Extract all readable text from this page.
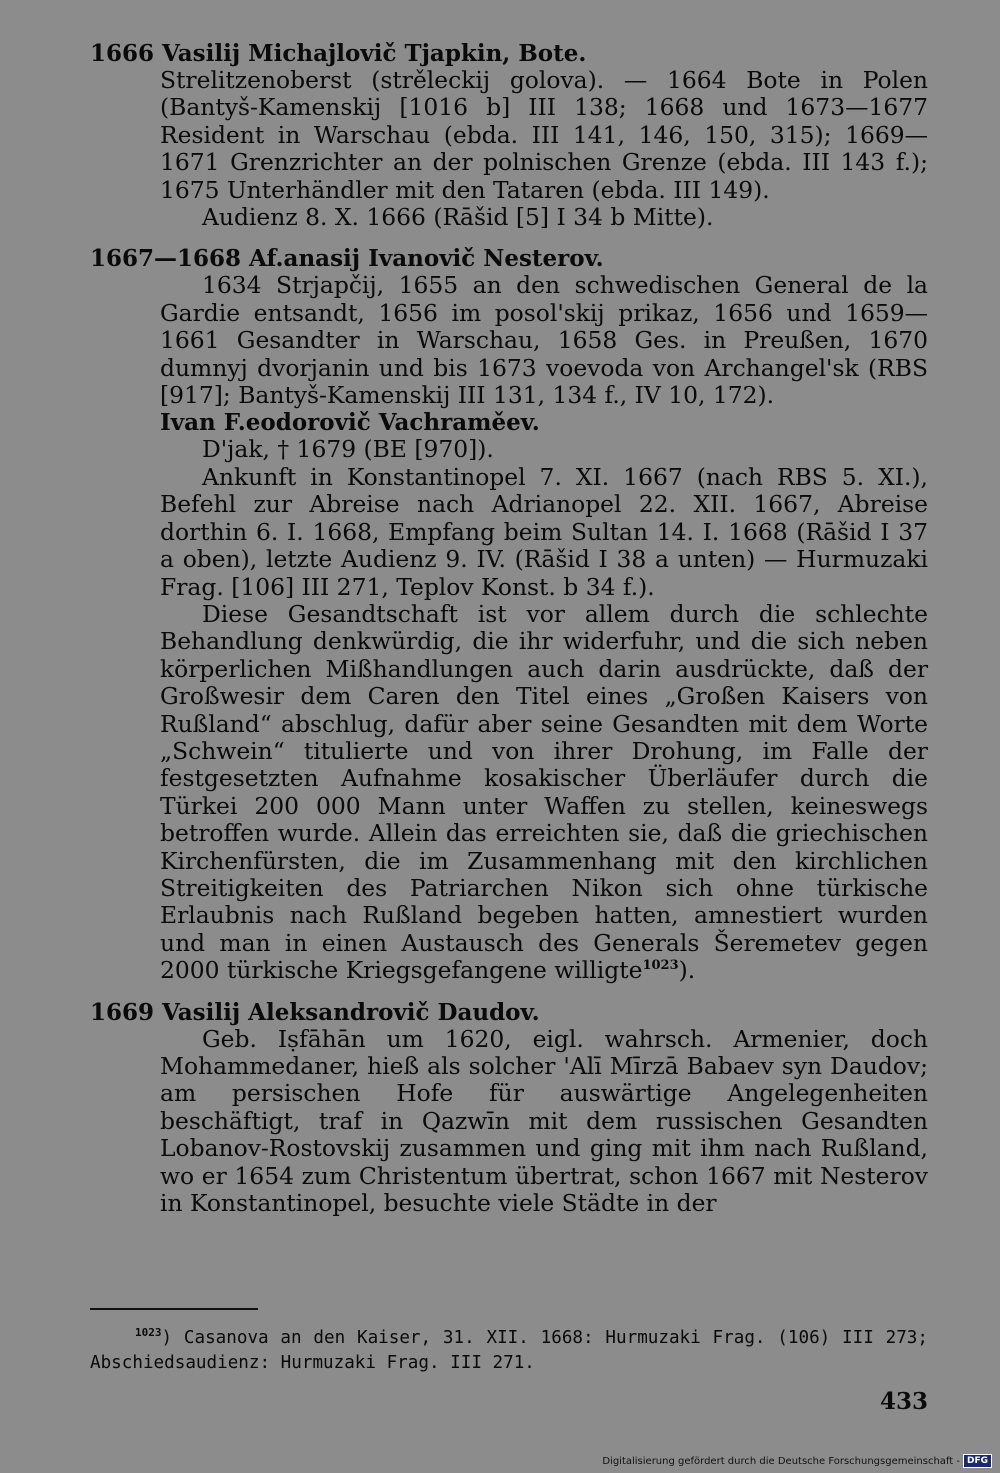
1666 Vasilij Michajlovič Tjapkin, Bote.

Strelitzenoberst (strěleckij golova). — 1664 Bote in Polen (Bantyš-Kamenskij [1016 b] III 138; 1668 und 1673—1677 Resident in Warschau (ebda. III 141, 146, 150, 315); 1669—1671 Grenzrichter an der polnischen Grenze (ebda. III 143 f.); 1675 Unterhändler mit den Tataren (ebda. III 149).

Audienz 8. X. 1666 (Rāšid [5] I 34 b Mitte).

1667—1668 Af.anasij Ivanovič Nesterov.

1634 Strjapčij, 1655 an den schwedischen General de la Gardie entsandt, 1656 im posol'skij prikaz, 1656 und 1659—1661 Gesandter in Warschau, 1658 Ges. in Preußen, 1670 dumnyj dvorjanin und bis 1673 voevoda von Archangel'sk (RBS [917]; Bantyš-Kamenskij III 131, 134 f., IV 10, 172).

Ivan F.eodorovič Vachraměev.

D'jak, † 1679 (BE [970]).

Ankunft in Konstantinopel 7. XI. 1667 (nach RBS 5. XI.), Befehl zur Abreise nach Adrianopel 22. XII. 1667, Abreise dorthin 6. I. 1668, Empfang beim Sultan 14. I. 1668 (Rāšid I 37 a oben), letzte Audienz 9. IV. (Rāšid I 38 a unten) — Hurmuzaki Frag. [106] III 271, Teplov Konst. b 34 f.).

Diese Gesandtschaft ist vor allem durch die schlechte Behandlung denkwürdig, die ihr widerfuhr, und die sich neben körperlichen Mißhandlungen auch darin ausdrückte, daß der Großwesir dem Caren den Titel eines „Großen Kaisers von Rußland“ abschlug, dafür aber seine Gesandten mit dem Worte „Schwein“ titulierte und von ihrer Drohung, im Falle der festgesetzten Aufnahme kosakischer Überläufer durch die Türkei 200 000 Mann unter Waffen zu stellen, keineswegs betroffen wurde. Allein das erreichten sie, daß die griechischen Kirchenfürsten, die im Zusammenhang mit den kirchlichen Streitigkeiten des Patriarchen Nikon sich ohne türkische Erlaubnis nach Rußland begeben hatten, amnestiert wurden und man in einen Austausch des Generals Šeremetev gegen 2000 türkische Kriegsgefangene willigte$^{1023}$).

1669 Vasilij Aleksandrovič Daudov.

Geb. Iṣfāhān um 1620, eigl. wahrsch. Armenier, doch Mohammedaner, hieß als solcher 'Alī Mīrzā Babaev syn Daudov; am persischen Hofe für auswärtige Angelegenheiten beschäftigt, traf in Qazwīn mit dem russischen Gesandten Lobanov-Rostovskij zusammen und ging mit ihm nach Rußland, wo er 1654 zum Christentum übertrat, schon 1667 mit Nesterov in Konstantinopel, besuchte viele Städte in der

$^{1023}$) Casanova an den Kaiser, 31. XII. 1668: Hurmuzaki Frag. (106) III 273; Abschiedsaudienz: Hurmuzaki Frag. III 271.
433
Digitalisierung gefördert durch die Deutsche Forschungsgemeinschaft - DFG
